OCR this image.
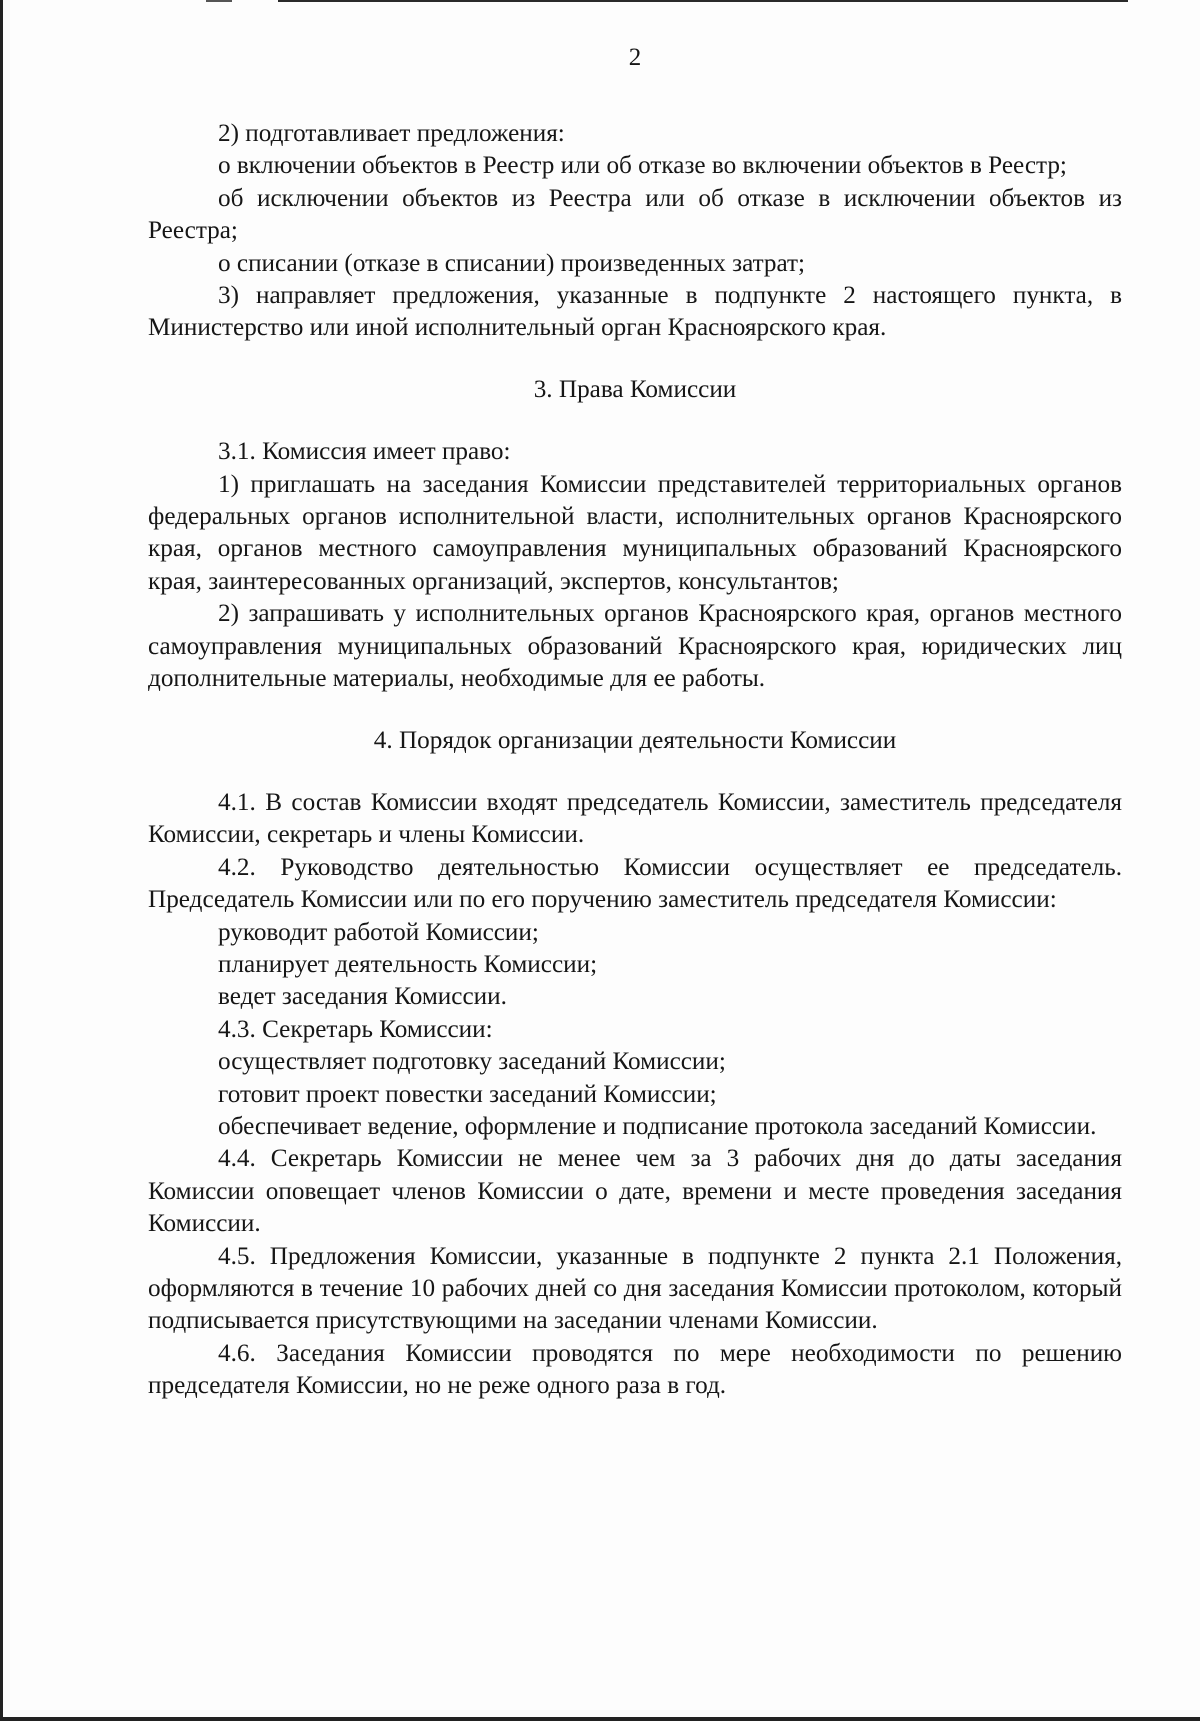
2

2) подготавливает предложения:

о включении объектов в Реестр или об отказе во включении объектов в Реестр;

об исключении объектов из Реестра или об отказе в исключении объектов из Реестра;

о списании (отказе в списании) произведенных затрат;

3) направляет предложения, указанные в подпункте 2 настоящего пункта, в Министерство или иной исполнительный орган Красноярского края.

3. Права Комиссии

3.1. Комиссия имеет право:

1) приглашать на заседания Комиссии представителей территориальных органов федеральных органов исполнительной власти, исполнительных органов Красноярского края, органов местного самоуправления муниципальных образований Красноярского края, заинтересованных организаций, экспертов, консультантов;

2) запрашивать у исполнительных органов Красноярского края, органов местного самоуправления муниципальных образований Красноярского края, юридических лиц дополнительные материалы, необходимые для ее работы.

4. Порядок организации деятельности Комиссии

4.1. В состав Комиссии входят председатель Комиссии, заместитель председателя Комиссии, секретарь и члены Комиссии.

4.2. Руководство деятельностью Комиссии осуществляет ее председатель. Председатель Комиссии или по его поручению заместитель председателя Комиссии:

руководит работой Комиссии;

планирует деятельность Комиссии;

ведет заседания Комиссии.

4.3. Секретарь Комиссии:

осуществляет подготовку заседаний Комиссии;

готовит проект повестки заседаний Комиссии;

обеспечивает ведение, оформление и подписание протокола заседаний Комиссии.

4.4. Секретарь Комиссии не менее чем за 3 рабочих дня до даты заседания Комиссии оповещает членов Комиссии о дате, времени и месте проведения заседания Комиссии.

4.5. Предложения Комиссии, указанные в подпункте 2 пункта 2.1 Положения, оформляются в течение 10 рабочих дней со дня заседания Комиссии протоколом, который подписывается присутствующими на заседании членами Комиссии.

4.6. Заседания Комиссии проводятся по мере необходимости по решению председателя Комиссии, но не реже одного раза в год.
